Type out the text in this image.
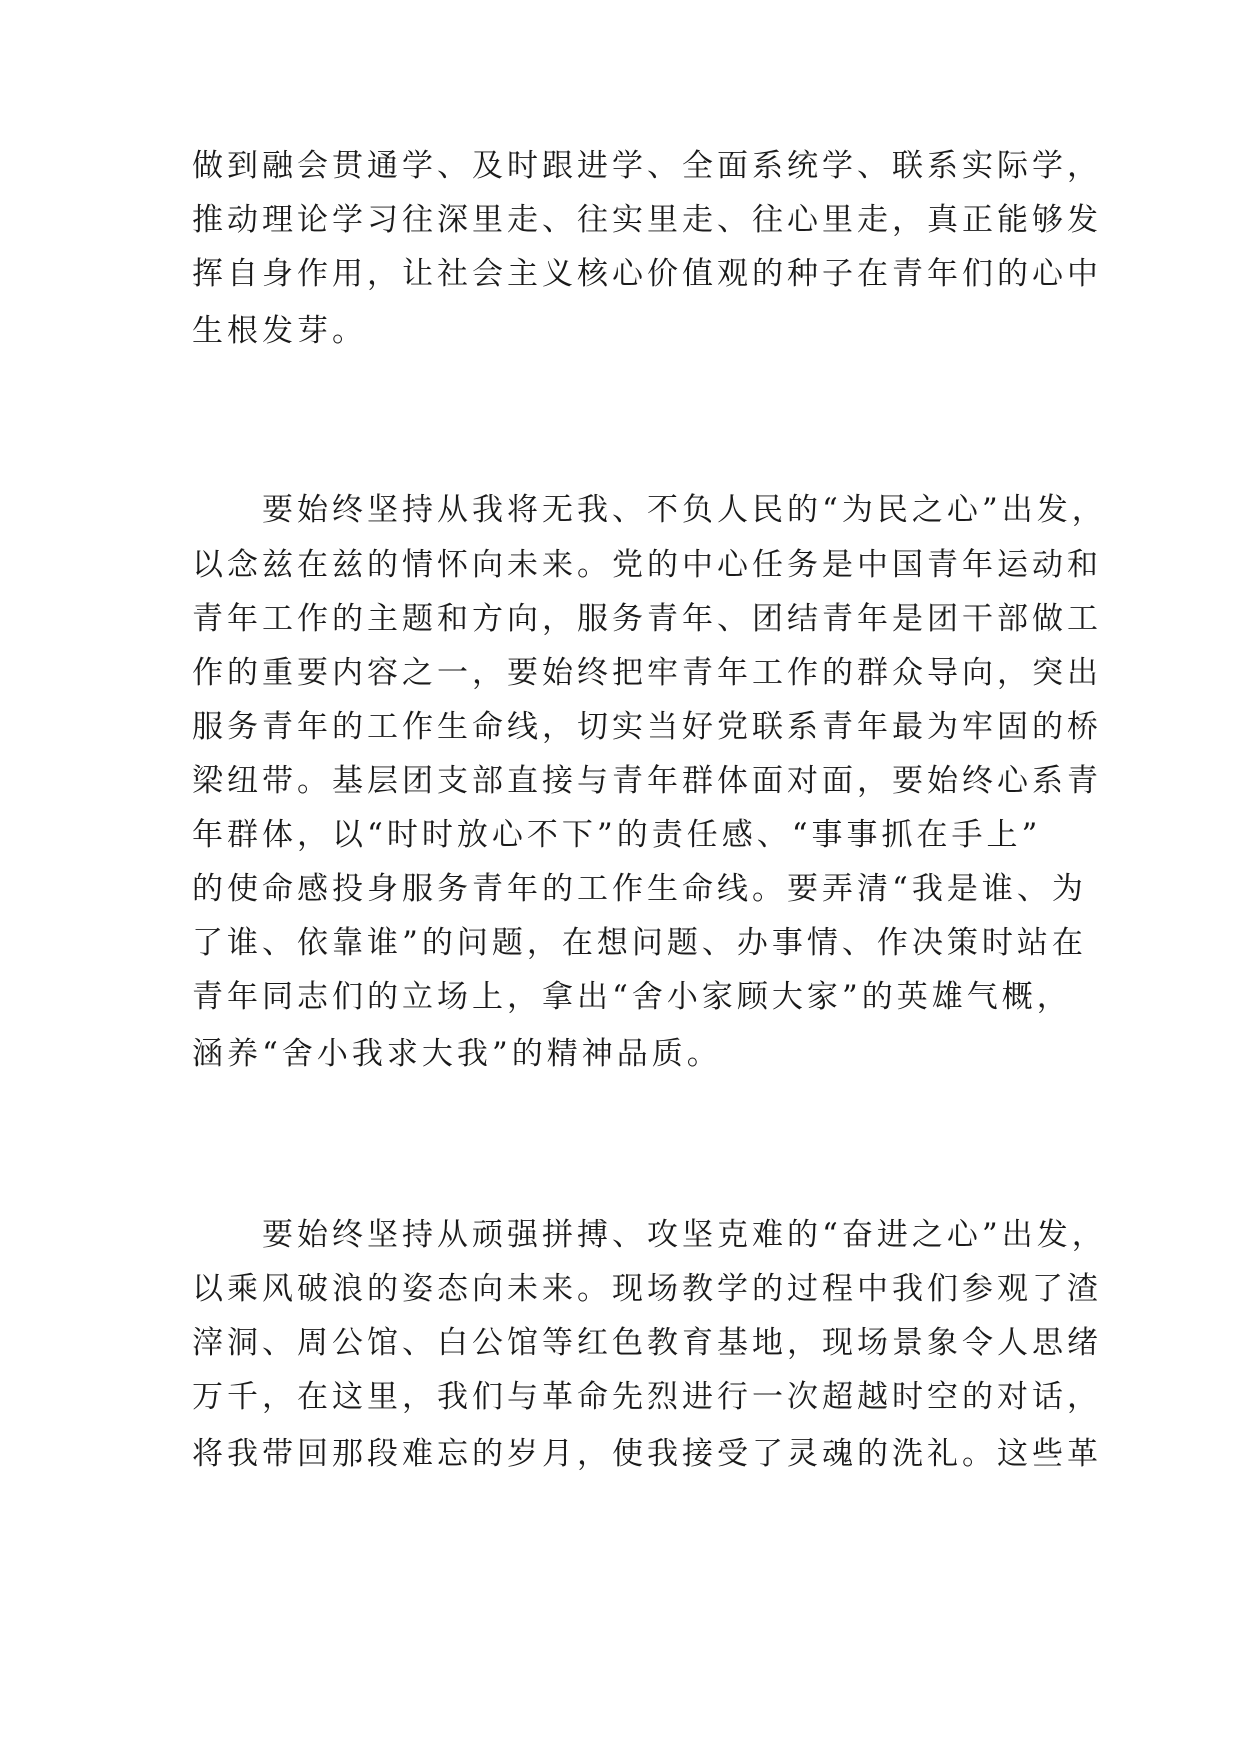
做到融会贯通学、及时跟进学、全面系统学、联系实际学，
推动理论学习往深里走、往实里走、往心里走，真正能够发
挥自身作用，让社会主义核心价值观的种子在青年们的心中
生根发芽。
要始终坚持从我将无我、不负人民的“为民之心”出发，
以念兹在兹的情怀向未来。党的中心任务是中国青年运动和
青年工作的主题和方向，服务青年、团结青年是团干部做工
作的重要内容之一，要始终把牢青年工作的群众导向，突出
服务青年的工作生命线，切实当好党联系青年最为牢固的桥
梁纽带。基层团支部直接与青年群体面对面，要始终心系青
年群体，以“时时放心不下”的责任感、“事事抓在手上”
的使命感投身服务青年的工作生命线。要弄清“我是谁、为
了谁、依靠谁”的问题，在想问题、办事情、作决策时站在
青年同志们的立场上，拿出“舍小家顾大家”的英雄气概，
涵养“舍小我求大我”的精神品质。
要始终坚持从顽强拼搏、攻坚克难的“奋进之心”出发，
以乘风破浪的姿态向未来。现场教学的过程中我们参观了渣
滓洞、周公馆、白公馆等红色教育基地，现场景象令人思绪
万千，在这里，我们与革命先烈进行一次超越时空的对话，
将我带回那段难忘的岁月，使我接受了灵魂的洗礼。这些革
